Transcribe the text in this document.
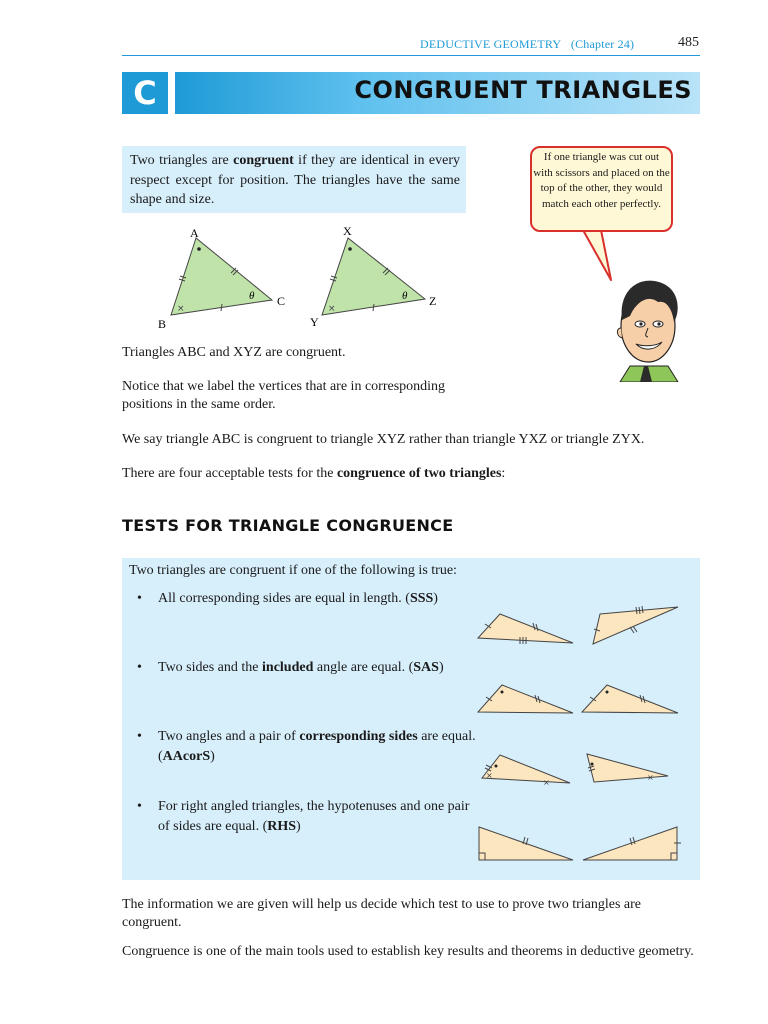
DEDUCTIVE GEOMETRY (Chapter 24)	485
C	CONGRUENT TRIANGLES
Two triangles are congruent if they are identical in every respect except for position. The triangles have the same shape and size.
If one triangle was cut out with scissors and placed on the top of the other, they would match each other perfectly.
×
A
B
C
θ
×
X
Y
Z
θ
Triangles ABC and XYZ are congruent.
Notice that we label the vertices that are in corresponding positions in the same order.
We say triangle ABC is congruent to triangle XYZ rather than triangle YXZ or triangle ZYX.
There are four acceptable tests for the congruence of two triangles:
TESTS FOR TRIANGLE CONGRUENCE
Two triangles are congruent if one of the following is true:
•	All corresponding sides are equal in length. (SSS)
•	Two sides and the included angle are equal. (SAS)
•	Two angles and a pair of corresponding sides are equal. (AAcorS)
•	For right angled triangles, the hypotenuses and one pair of sides are equal. (RHS)
×
×
×
The information we are given will help us decide which test to use to prove two triangles are congruent.
Congruence is one of the main tools used to establish key results and theorems in deductive geometry.
